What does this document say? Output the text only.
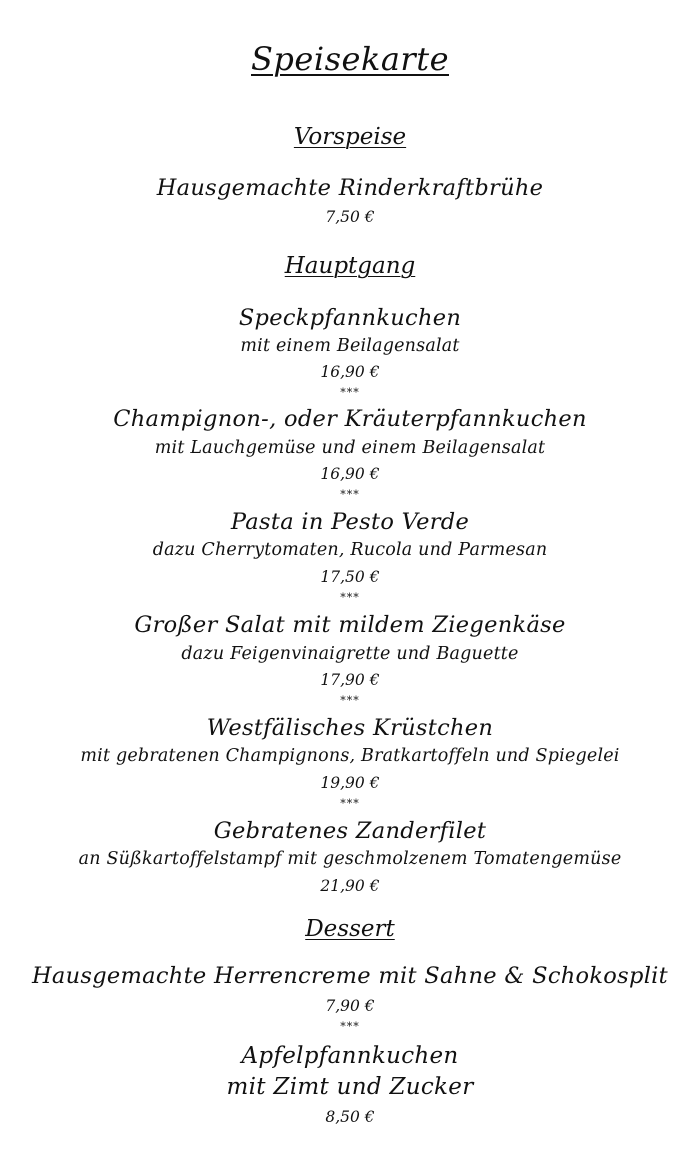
Speisekarte
Vorspeise
Hausgemachte Rinderkraftbrühe
7,50 €
Hauptgang
Speckpfannkuchen
mit einem Beilagensalat
16,90 €
***
Champignon-, oder Kräuterpfannkuchen
mit Lauchgemüse und einem Beilagensalat
16,90 €
***
Pasta in Pesto Verde
dazu Cherrytomaten, Rucola und Parmesan
17,50 €
***
Großer Salat mit mildem Ziegenkäse
dazu Feigenvinaigrette und Baguette
17,90 €
***
Westfälisches Krüstchen
mit gebratenen Champignons, Bratkartoffeln und Spiegelei
19,90 €
***
Gebratenes Zanderfilet
an Süßkartoffelstampf mit geschmolzenem Tomatengemüse
21,90 €
Dessert
Hausgemachte Herrencreme mit Sahne & Schokosplit
7,90 €
***
Apfelpfannkuchen
mit Zimt und Zucker
8,50 €
